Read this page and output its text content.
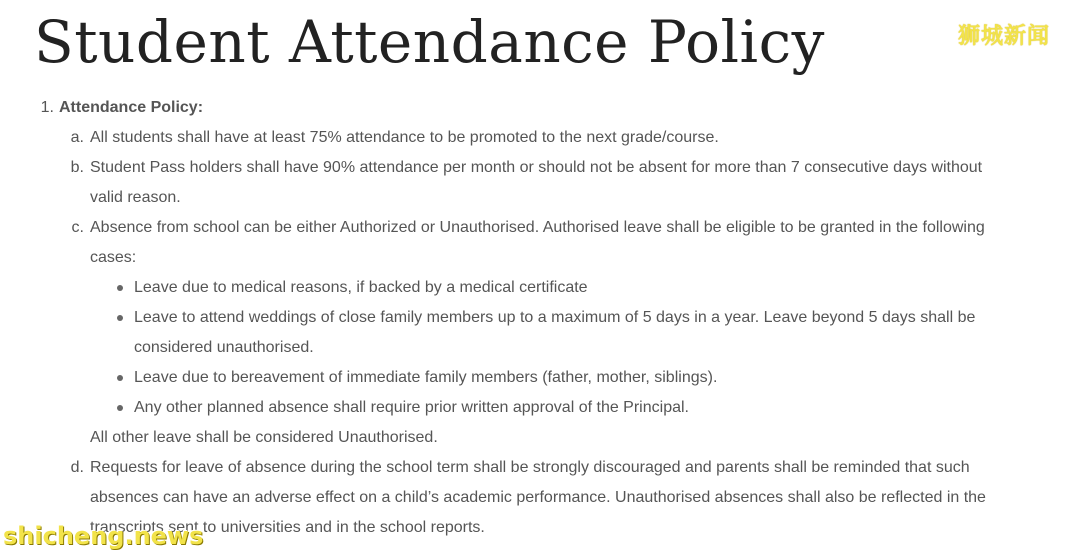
Student Attendance Policy	狮城新闻
1. Attendance Policy:
a. All students shall have at least 75% attendance to be promoted to the next grade/course.
b. Student Pass holders shall have 90% attendance per month or should not be absent for more than 7 consecutive days without
valid reason.
c. Absence from school can be either Authorized or Unauthorised. Authorised leave shall be eligible to be granted in the following
cases:
Leave due to medical reasons, if backed by a medical certificate
Leave to attend weddings of close family members up to a maximum of 5 days in a year. Leave beyond 5 days shall be
considered unauthorised.
Leave due to bereavement of immediate family members (father, mother, siblings).
Any other planned absence shall require prior written approval of the Principal.
All other leave shall be considered Unauthorised.
d. Requests for leave of absence during the school term shall be strongly discouraged and parents shall be reminded that such
absences can have an adverse effect on a child’s academic performance. Unauthorised absences shall also be reflected in the
transcripts sent to universities and in the school reports.
shicheng.news
